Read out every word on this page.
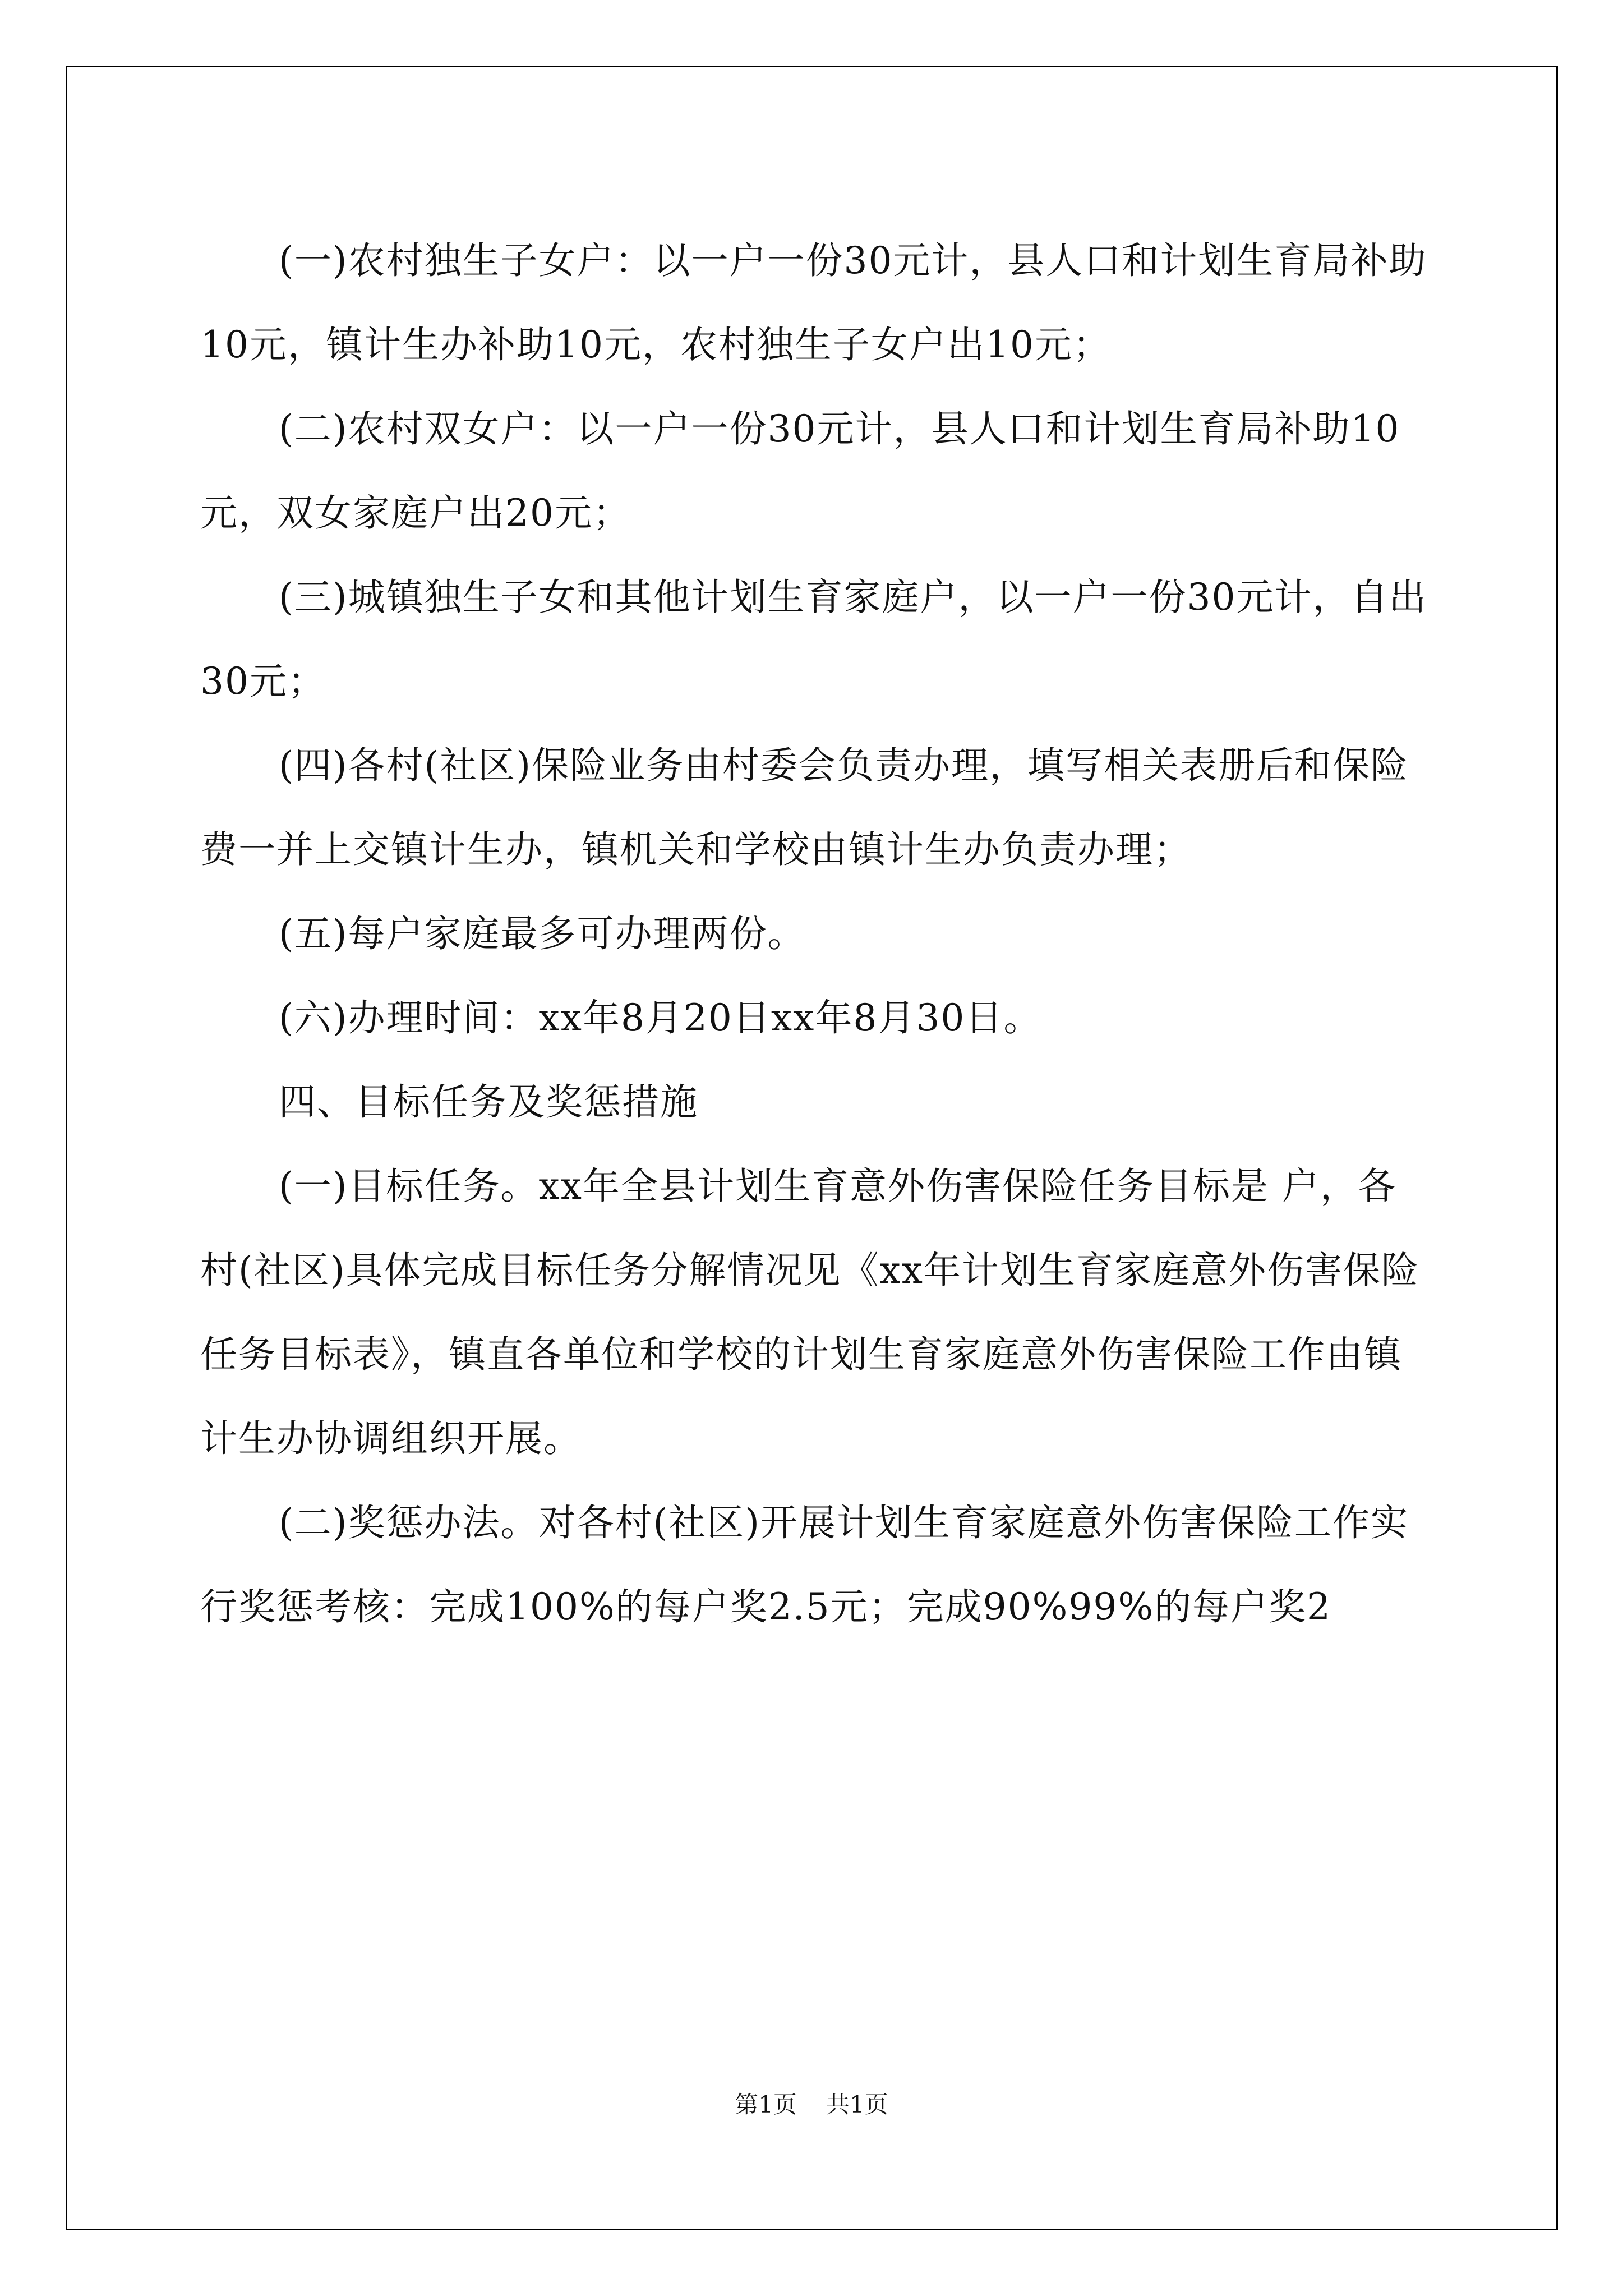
(一)农村独生子女户：以一户一份30元计，县人口和计划生育局补助10元，镇计生办补助10元，农村独生子女户出10元；

(二)农村双女户：以一户一份30元计，县人口和计划生育局补助10元，双女家庭户出20元；

(三)城镇独生子女和其他计划生育家庭户，以一户一份30元计，自出30元；

(四)各村(社区)保险业务由村委会负责办理，填写相关表册后和保险费一并上交镇计生办，镇机关和学校由镇计生办负责办理；

(五)每户家庭最多可办理两份。

(六)办理时间：xx年8月20日xx年8月30日。

四、目标任务及奖惩措施

(一)目标任务。xx年全县计划生育意外伤害保险任务目标是 户，各村(社区)具体完成目标任务分解情况见《xx年计划生育家庭意外伤害保险任务目标表》，镇直各单位和学校的计划生育家庭意外伤害保险工作由镇计生办协调组织开展。

(二)奖惩办法。对各村(社区)开展计划生育家庭意外伤害保险工作实行奖惩考核：完成100%的每户奖2.5元；完成90%99%的每户奖2

第1页 共1页
